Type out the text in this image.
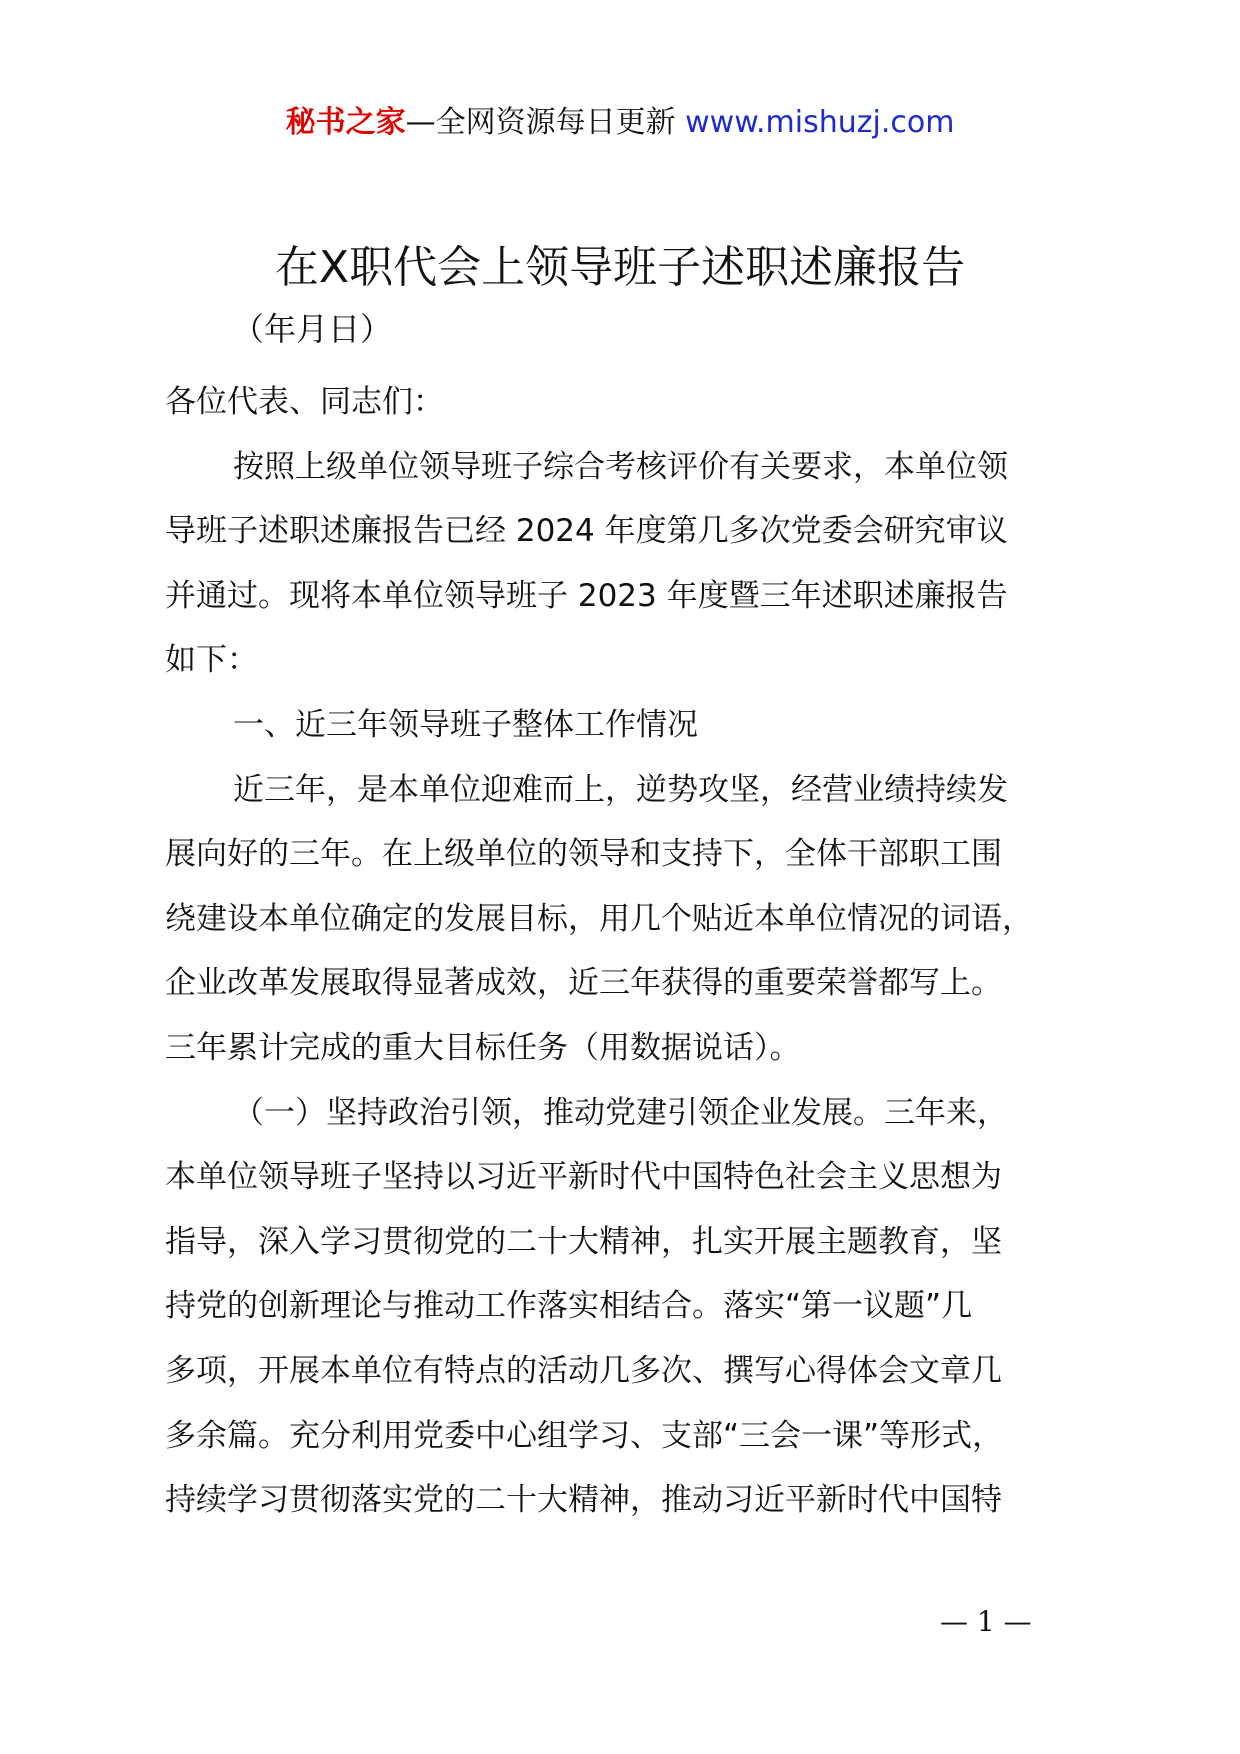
秘书之家—全网资源每日更新 www.mishuzj.com
在X职代会上领导班子述职述廉报告
（年月日）
各位代表、同志们：
按照上级单位领导班子综合考核评价有关要求，本单位领
导班子述职述廉报告已经 2024 年度第几多次党委会研究审议
并通过。现将本单位领导班子 2023 年度暨三年述职述廉报告
如下：
一、近三年领导班子整体工作情况
近三年，是本单位迎难而上，逆势攻坚，经营业绩持续发
展向好的三年。在上级单位的领导和支持下，全体干部职工围
绕建设本单位确定的发展目标，用几个贴近本单位情况的词语，
企业改革发展取得显著成效，近三年获得的重要荣誉都写上。
三年累计完成的重大目标任务（用数据说话）。
（一）坚持政治引领，推动党建引领企业发展。三年来，
本单位领导班子坚持以习近平新时代中国特色社会主义思想为
指导，深入学习贯彻党的二十大精神，扎实开展主题教育，坚
持党的创新理论与推动工作落实相结合。落实“第一议题”几
多项，开展本单位有特点的活动几多次、撰写心得体会文章几
多余篇。充分利用党委中心组学习、支部“三会一课”等形式，
持续学习贯彻落实党的二十大精神，推动习近平新时代中国特
— 1 —
